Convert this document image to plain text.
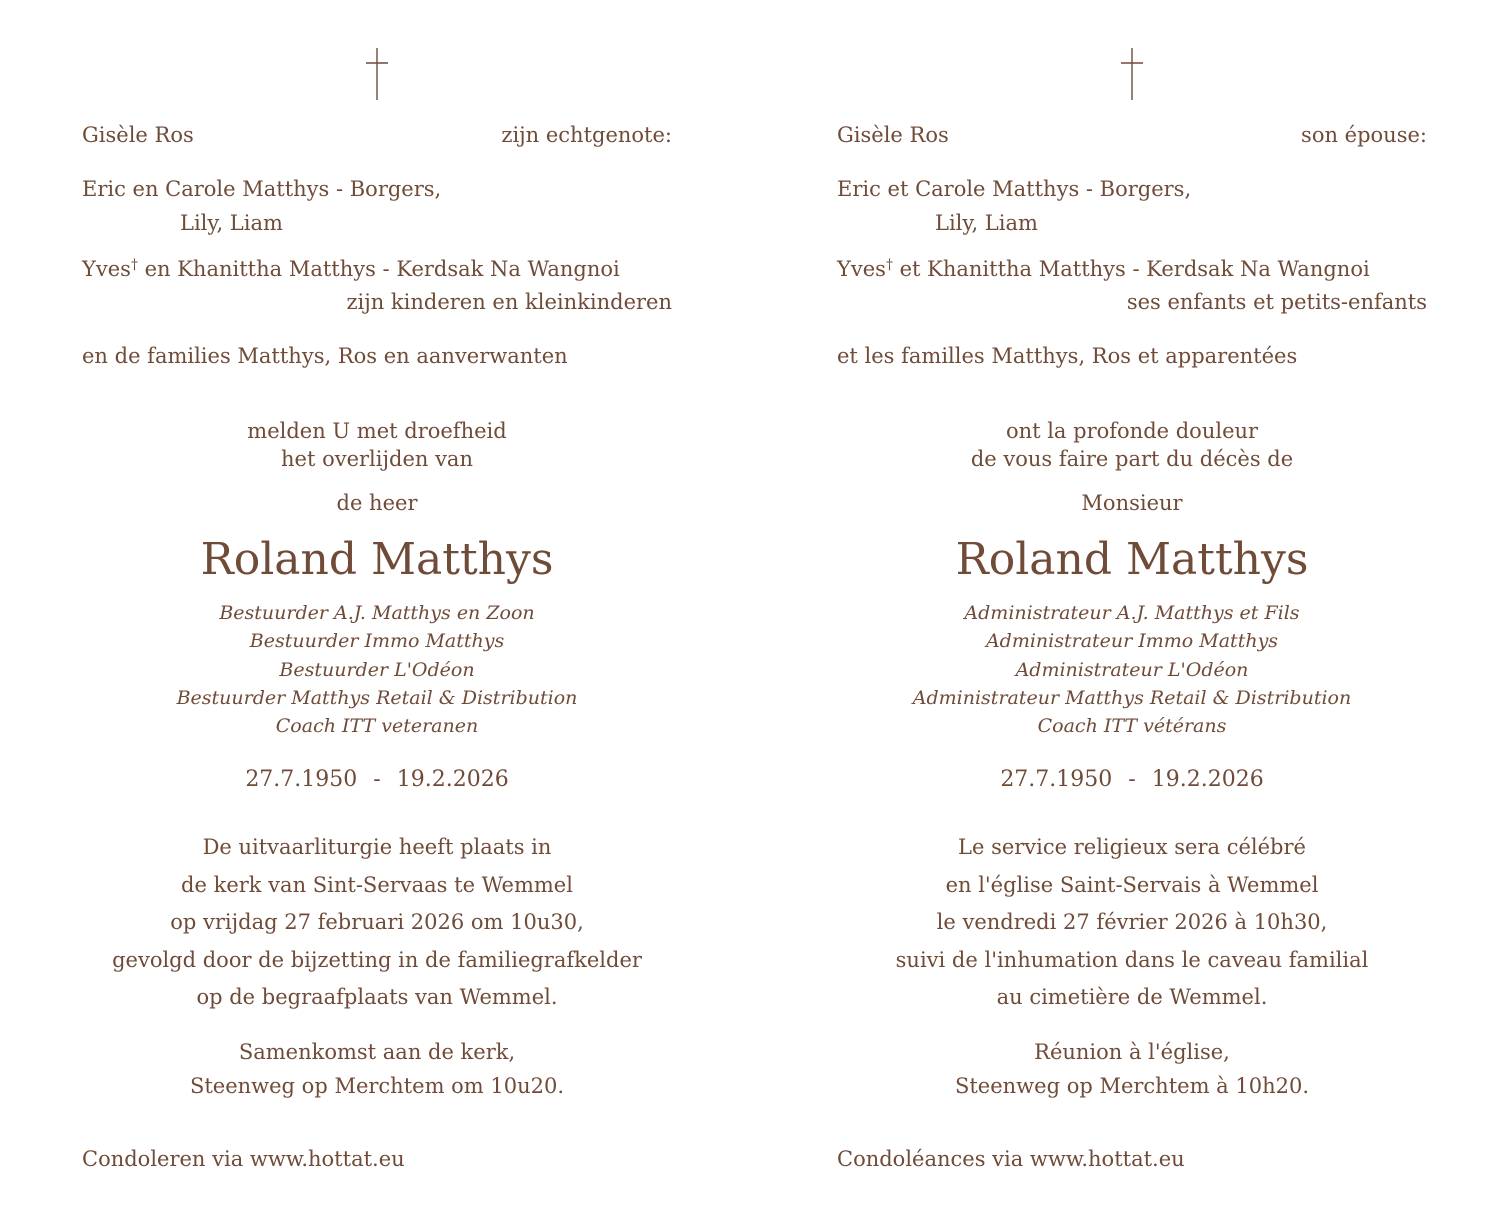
Gisèle Ros	zijn echtgenote:
Eric en Carole Matthys - Borgers,
Lily, Liam
Yves† en Khanittha Matthys - Kerdsak Na Wangnoi
zijn kinderen en kleinkinderen
en de families Matthys, Ros en aanverwanten
melden U met droefheid
het overlijden van
de heer
Roland Matthys
Bestuurder A.J. Matthys en Zoon
Bestuurder Immo Matthys
Bestuurder L'Odéon
Bestuurder Matthys Retail & Distribution
Coach ITT veteranen
27.7.1950 - 19.2.2026
De uitvaarliturgie heeft plaats in
de kerk van Sint-Servaas te Wemmel
op vrijdag 27 februari 2026 om 10u30,
gevolgd door de bijzetting in de familiegrafkelder
op de begraafplaats van Wemmel.
Samenkomst aan de kerk,
Steenweg op Merchtem om 10u20.
Condoleren via www.hottat.eu
Gisèle Ros	son épouse:
Eric et Carole Matthys - Borgers,
Lily, Liam
Yves† et Khanittha Matthys - Kerdsak Na Wangnoi
ses enfants et petits-enfants
et les familles Matthys, Ros et apparentées
ont la profonde douleur
de vous faire part du décès de
Monsieur
Roland Matthys
Administrateur A.J. Matthys et Fils
Administrateur Immo Matthys
Administrateur L'Odéon
Administrateur Matthys Retail & Distribution
Coach ITT vétérans
27.7.1950 - 19.2.2026
Le service religieux sera célébré
en l'église Saint-Servais à Wemmel
le vendredi 27 février 2026 à 10h30,
suivi de l'inhumation dans le caveau familial
au cimetière de Wemmel.
Réunion à l'église,
Steenweg op Merchtem à 10h20.
Condoléances via www.hottat.eu
